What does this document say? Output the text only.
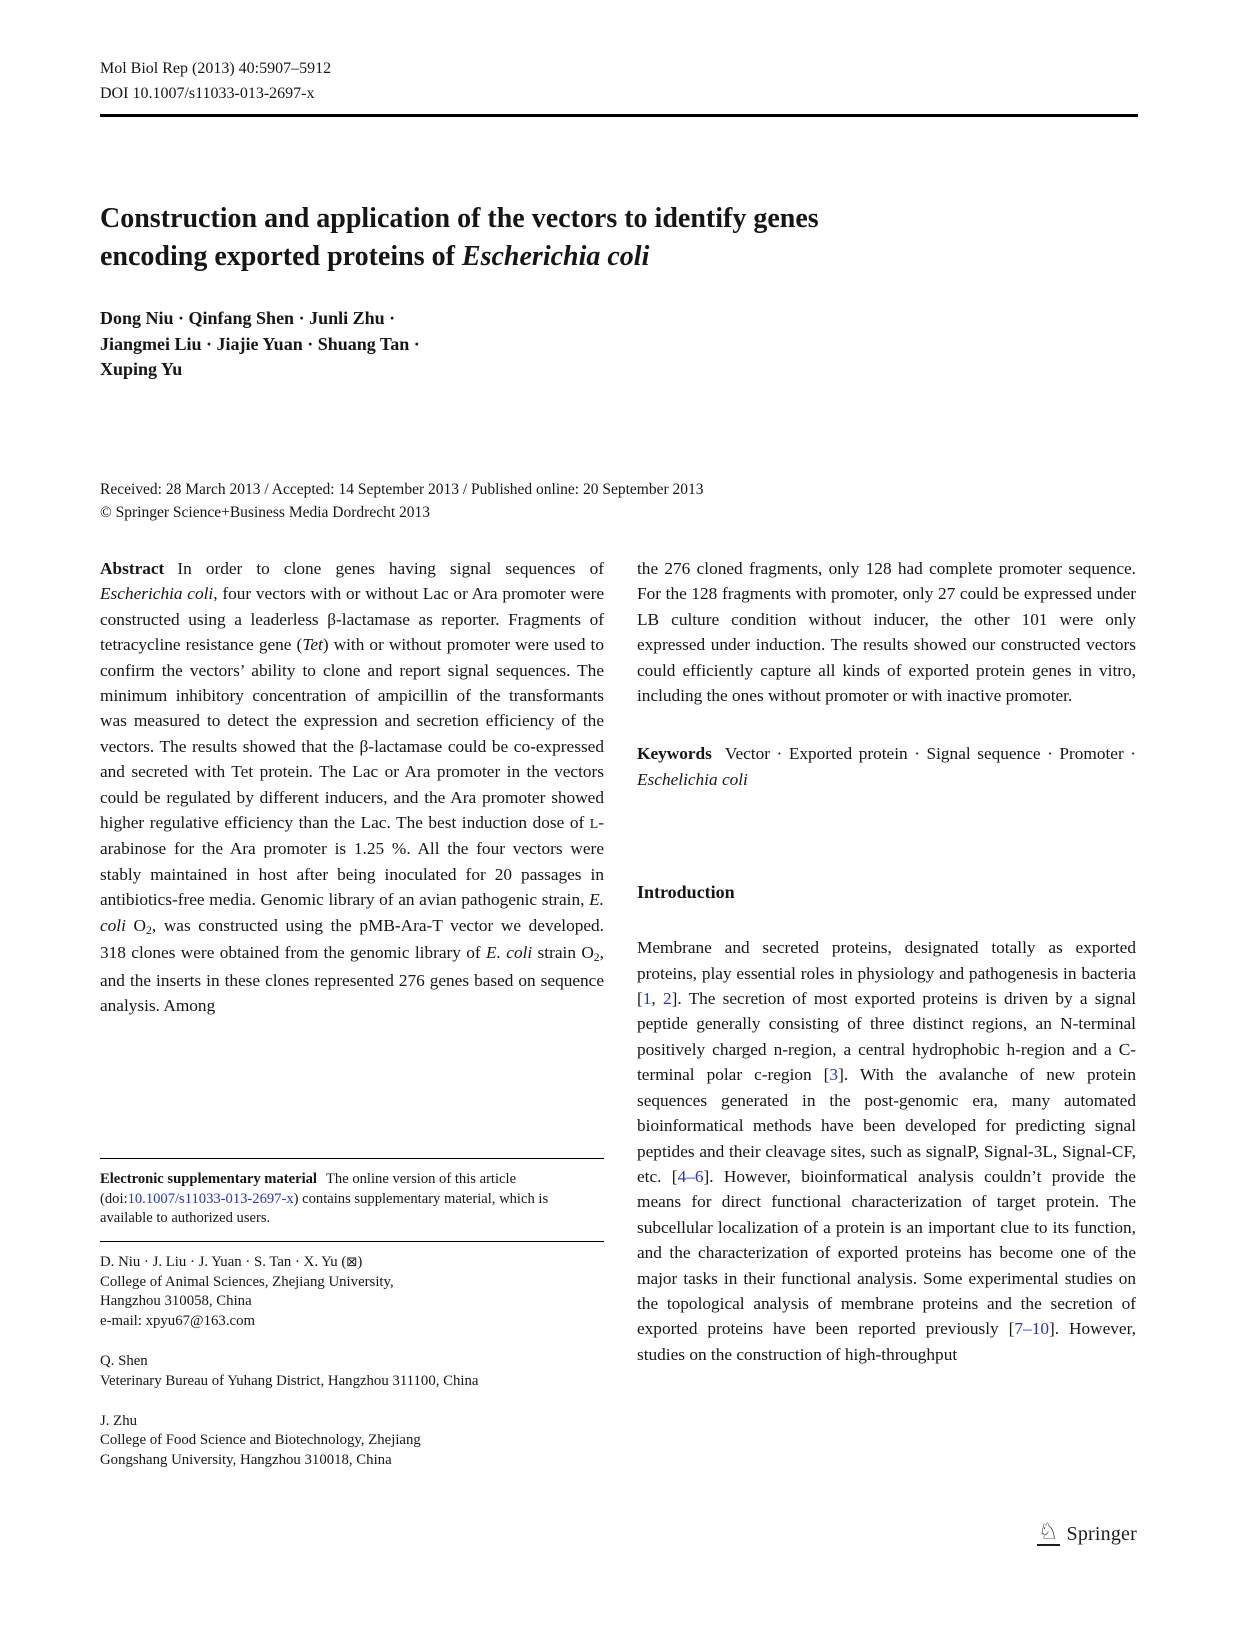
Mol Biol Rep (2013) 40:5907–5912
DOI 10.1007/s11033-013-2697-x
Construction and application of the vectors to identify genes
encoding exported proteins of Escherichia coli
Dong Niu · Qinfang Shen · Junli Zhu ·
Jiangmei Liu · Jiajie Yuan · Shuang Tan ·
Xuping Yu
Received: 28 March 2013 / Accepted: 14 September 2013 / Published online: 20 September 2013
© Springer Science+Business Media Dordrecht 2013
Abstract In order to clone genes having signal sequences of Escherichia coli, four vectors with or without Lac or Ara promoter were constructed using a leaderless β-lactamase as reporter. Fragments of tetracycline resistance gene (Tet) with or without promoter were used to confirm the vectors’ ability to clone and report signal sequences. The minimum inhibitory concentration of ampicillin of the transformants was measured to detect the expression and secretion efficiency of the vectors. The results showed that the β-lactamase could be co-expressed and secreted with Tet protein. The Lac or Ara promoter in the vectors could be regulated by different inducers, and the Ara promoter showed higher regulative efficiency than the Lac. The best induction dose of L-arabinose for the Ara promoter is 1.25 %. All the four vectors were stably maintained in host after being inoculated for 20 passages in antibiotics-free media. Genomic library of an avian pathogenic strain, E. coli O2, was constructed using the pMB-Ara-T vector we developed. 318 clones were obtained from the genomic library of E. coli strain O2, and the inserts in these clones represented 276 genes based on sequence analysis. Among
the 276 cloned fragments, only 128 had complete promoter sequence. For the 128 fragments with promoter, only 27 could be expressed under LB culture condition without inducer, the other 101 were only expressed under induction. The results showed our constructed vectors could efficiently capture all kinds of exported protein genes in vitro, including the ones without promoter or with inactive promoter.
Keywords Vector · Exported protein · Signal sequence · Promoter · Eschelichia coli
Introduction
Membrane and secreted proteins, designated totally as exported proteins, play essential roles in physiology and pathogenesis in bacteria [1, 2]. The secretion of most exported proteins is driven by a signal peptide generally consisting of three distinct regions, an N-terminal positively charged n-region, a central hydrophobic h-region and a C-terminal polar c-region [3]. With the avalanche of new protein sequences generated in the post-genomic era, many automated bioinformatical methods have been developed for predicting signal peptides and their cleavage sites, such as signalP, Signal-3L, Signal-CF, etc. [4–6]. However, bioinformatical analysis couldn’t provide the means for direct functional characterization of target protein. The subcellular localization of a protein is an important clue to its function, and the characterization of exported proteins has become one of the major tasks in their functional analysis. Some experimental studies on the topological analysis of membrane proteins and the secretion of exported proteins have been reported previously [7–10]. However, studies on the construction of high-throughput
Electronic supplementary material The online version of this article (doi:10.1007/s11033-013-2697-x) contains supplementary material, which is available to authorized users.
D. Niu · J. Liu · J. Yuan · S. Tan · X. Yu (⊠)
College of Animal Sciences, Zhejiang University,
Hangzhou 310058, China
e-mail: xpyu67@163.com
Q. Shen
Veterinary Bureau of Yuhang District, Hangzhou 311100, China
J. Zhu
College of Food Science and Biotechnology, Zhejiang
Gongshang University, Hangzhou 310018, China
♘ Springer
